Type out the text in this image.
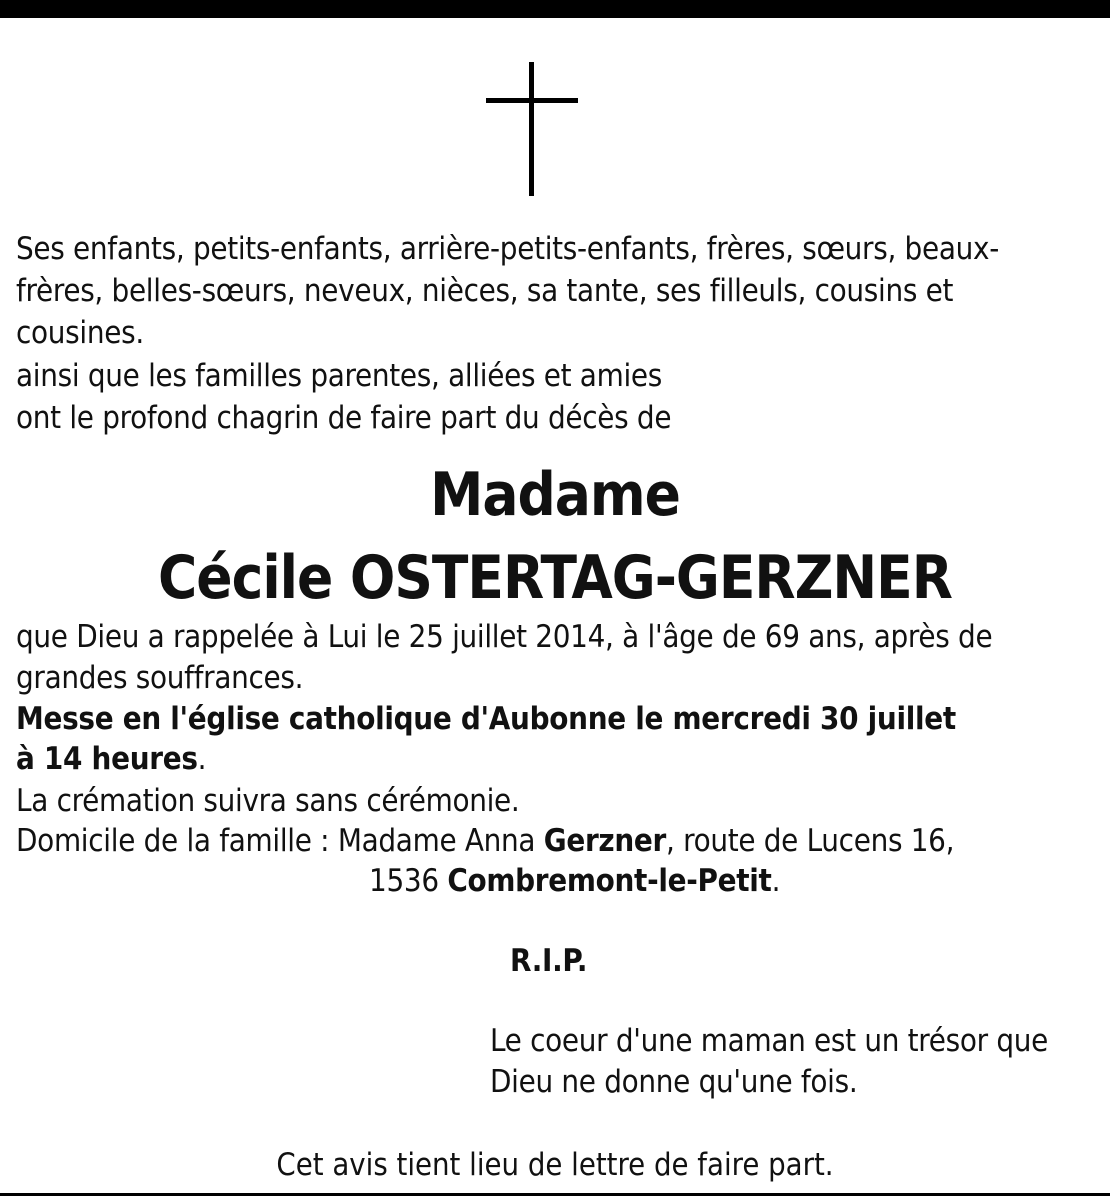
Ses enfants, petits-enfants, arrière-petits-enfants, frères, sœurs, beaux-
frères, belles-sœurs, neveux, nièces, sa tante, ses filleuls, cousins et
cousines.
ainsi que les familles parentes, alliées et amies
ont le profond chagrin de faire part du décès de
Madame
Cécile OSTERTAG-GERZNER
que Dieu a rappelée à Lui le 25 juillet 2014, à l'âge de 69 ans, après de
grandes souffrances.
Messe en l'église catholique d'Aubonne le mercredi 30 juillet
à 14 heures.
La crémation suivra sans cérémonie.
Domicile de la famille : Madame Anna Gerzner, route de Lucens 16,
1536 Combremont-le-Petit.
R.I.P.
Le coeur d'une maman est un trésor que
Dieu ne donne qu'une fois.
Cet avis tient lieu de lettre de faire part.
